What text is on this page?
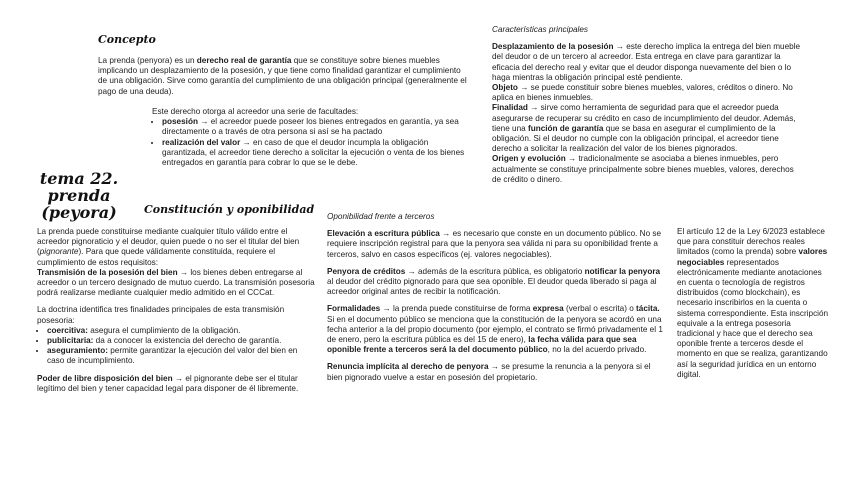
tema 22. prenda
(peyora)
Concepto

La prenda (penyora) es un derecho real de garantía que se constituye sobre bienes muebles implicando un desplazamiento de la posesión, y que tiene como finalidad garantizar el cumplimiento de una obligación. Sirve como garantía del cumplimiento de una obligación principal (generalmente el pago de una deuda).

Este derecho otorga al acreedor una serie de facultades:

• posesión → el acreedor puede poseer los bienes entregados en garantía, ya sea directamente o a través de otra persona si así se ha pactado
• realización del valor → en caso de que el deudor incumpla la obligación garantizada, el acreedor tiene derecho a solicitar la ejecución o venta de los bienes entregados en garantía para cobrar lo que se le debe.

Características principales

Desplazamiento de la posesión → este derecho implica la entrega del bien mueble del deudor o de un tercero al acreedor. Esta entrega en clave para garantizar la eficacia del derecho real y evitar que el deudor disponga nuevamente del bien o lo haga mientras la obligación principal esté pendiente.

Objeto → se puede constituir sobre bienes muebles, valores, créditos o dinero. No aplica en bienes inmuebles.

Finalidad → sirve como herramienta de seguridad para que el acreedor pueda asegurarse de recuperar su crédito en caso de incumplimiento del deudor. Además, tiene una función de garantía que se basa en asegurar el cumplimiento de la obligación. Si el deudor no cumple con la obligación principal, el acreedor tiene derecho a solicitar la realización del valor de los bienes pignorados.

Origen y evolución → tradicionalmente se asociaba a bienes inmuebles, pero actualmente se constituye principalmente sobre bienes muebles, valores, derechos de crédito o dinero.

Constitución y oponibilidad

La prenda puede constituirse mediante cualquier título válido entre el acreedor pignoraticio y el deudor, quien puede o no ser el titular del bien (pignorante). Para que quede válidamente constituida, requiere el cumplimiento de estos requisitos:

Transmisión de la posesión del bien → los bienes deben entregarse al acreedor o un tercero designado de mutuo cuerdo. La transmisión posesoria podrá realizarse mediante cualquier medio admitido en el CCCat.

La doctrina identifica tres finalidades principales de esta transmisión posesoria:

• coercitiva: asegura el cumplimiento de la obligación.
• publicitaria: da a conocer la existencia del derecho de garantía.
• aseguramiento: permite garantizar la ejecución del valor del bien en caso de incumplimiento.

Poder de libre disposición del bien → el pignorante debe ser el titular legítimo del bien y tener capacidad legal para disponer de él libremente.

Oponibilidad frente a terceros

Elevación a escritura pública → es necesario que conste en un documento público. No se requiere inscripción registral para que la penyora sea válida ni para su oponibilidad frente a terceros, salvo en casos específicos (ej. valores negociables).

Penyora de créditos → además de la escritura pública, es obligatorio notificar la penyora al deudor del crédito pignorado para que sea oponible. El deudor queda liberado si paga al acreedor original antes de recibir la notificación.

Formalidades → la prenda puede constituirse de forma expresa (verbal o escrita) o tácita. Si en el documento público se menciona que la constitución de la penyora se acordó en una fecha anterior a la del propio documento (por ejemplo, el contrato se firmó privadamente el 1 de enero, pero la escritura pública es del 15 de enero), la fecha válida para que sea oponible frente a terceros será la del documento público, no la del acuerdo privado.

Renuncia implícita al derecho de penyora → se presume la renuncia a la penyora si el bien pignorado vuelve a estar en posesión del propietario.

El artículo 12 de la Ley 6/2023 establece que para constituir derechos reales limitados (como la prenda) sobre valores negociables representados electrónicamente mediante anotaciones en cuenta o tecnología de registros distribuidos (como blockchain), es necesario inscribirlos en la cuenta o sistema correspondiente. Esta inscripción equivale a la entrega posesoria tradicional y hace que el derecho sea oponible frente a terceros desde el momento en que se realiza, garantizando así la seguridad jurídica en un entorno digital.
